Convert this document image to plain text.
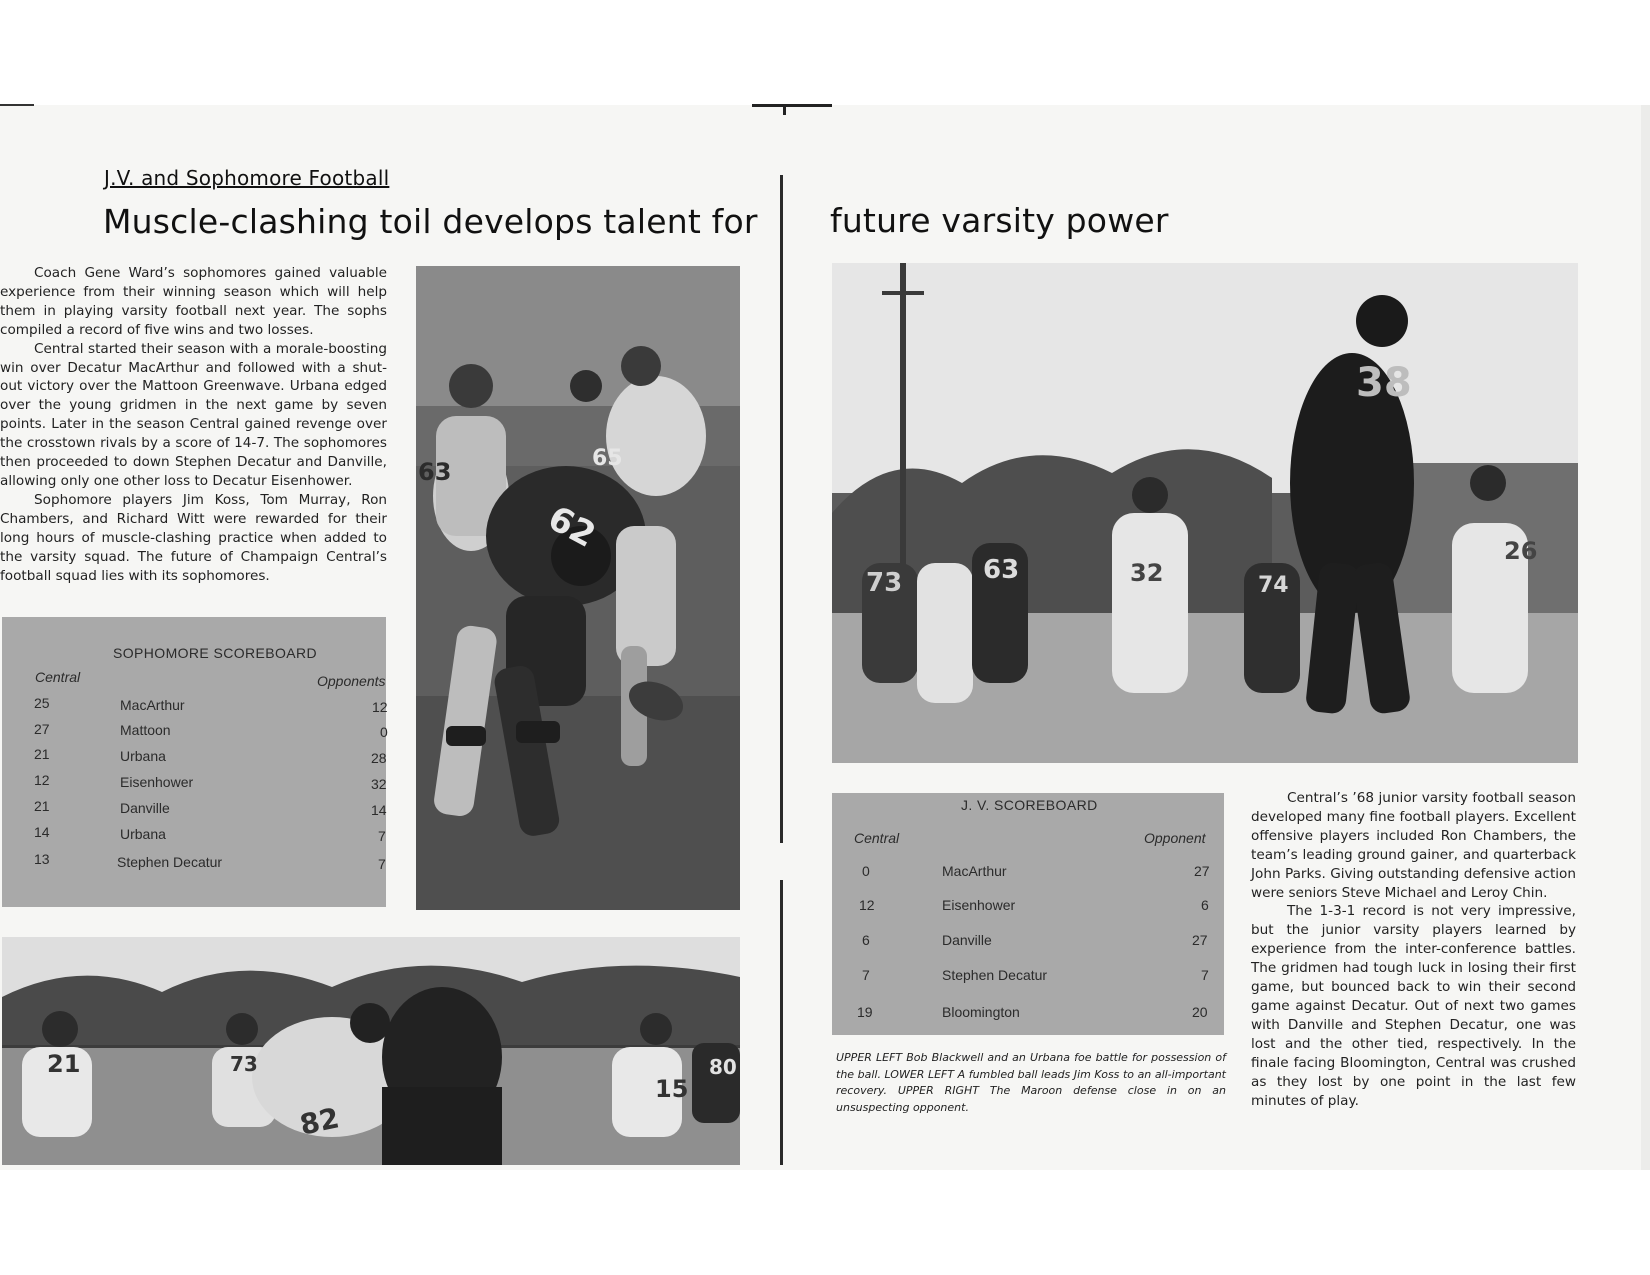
J.V. and Sophomore Football
Muscle-clashing toil develops talent for future varsity power

Coach Gene Ward’s sophomores gained valuable experience from their winning season which will help them in playing varsity football next year. The sophs compiled a record of five wins and two losses.

Central started their season with a morale-boosting win over Decatur MacArthur and followed with a shut-out victory over the Mattoon Greenwave. Urbana edged over the young gridmen in the next game by seven points. Later in the season Central gained revenge over the crosstown rivals by a score of 14-7. The sophomores then proceeded to down Stephen Decatur and Danville, allowing only one other loss to Decatur Eisenhower.

Sophomore players Jim Koss, Tom Murray, Ron Chambers, and Richard Witt were rewarded for their long hours of muscle-clashing practice when added to the varsity squad. The future of Champaign Central’s football squad lies with its sophomores.

SOPHOMORE SCOREBOARD
Central	Opponents
25	MacArthur	12
27	Mattoon	0
21	Urbana	28
12	Eisenhower	32
21	Danville	14
14	Urbana	7
13	Stephen Decatur	7
J. V. SCOREBOARD
Central	Opponent
0	MacArthur	27
12	Eisenhower	6
6	Danville	27
7	Stephen Decatur	7
19	Bloomington	20

UPPER LEFT Bob Blackwell and an Urbana foe battle for possession of the ball. LOWER LEFT A fumbled ball leads Jim Koss to an all-important recovery. UPPER RIGHT The Maroon defense close in on an unsuspecting opponent.

Central’s ’68 junior varsity football season developed many fine football players. Excellent offensive players included Ron Chambers, the team’s leading ground gainer, and quarterback John Parks. Giving outstanding defensive action were seniors Steve Michael and Leroy Chin.

The 1-3-1 record is not very impressive, but the junior varsity players learned by experience from the inter-conference battles. The gridmen had tough luck in losing their first game, but bounced back to win their second game against Decatur. Out of next two games with Danville and Stephen Decatur, one was lost and the other tied, respectively. In the finale facing Bloomington, Central was crushed as they lost by one point in the last few minutes of play.

62
65
63
38
73	63	32	74
26
21	73
82
15
80
